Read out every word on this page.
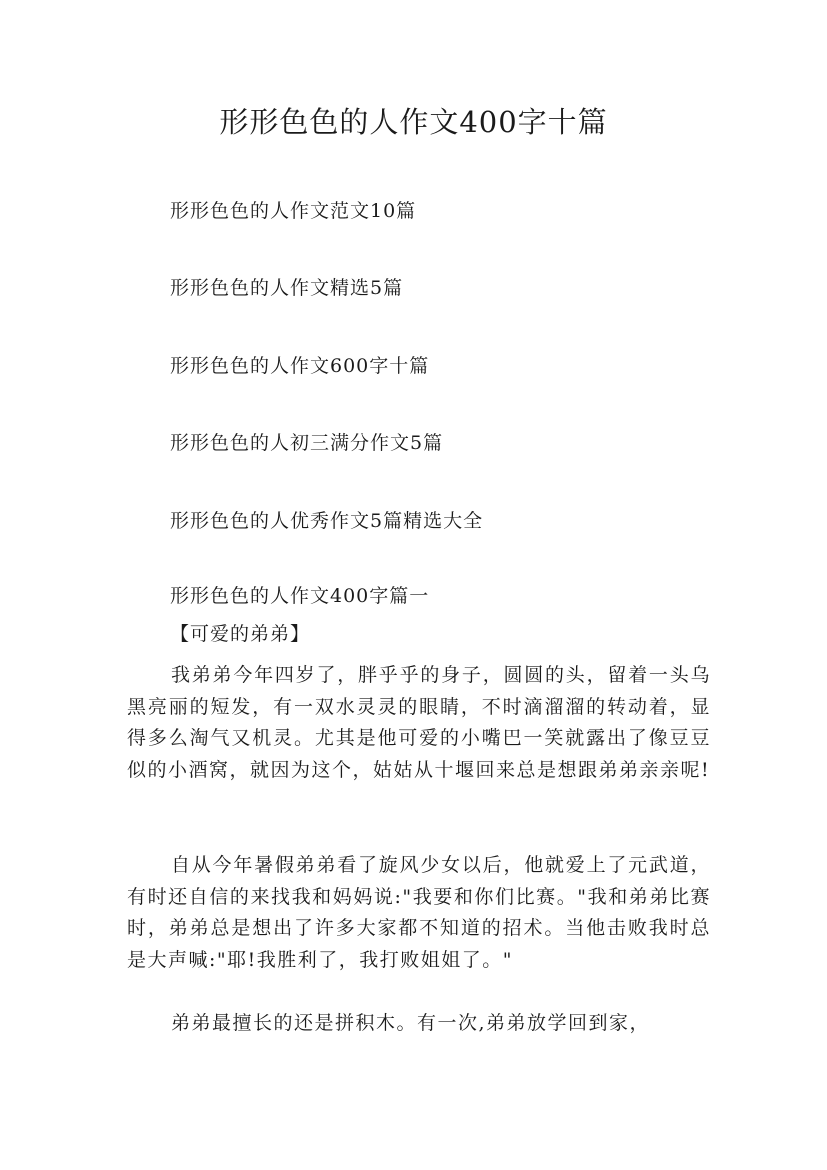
形形色色的人作文400字十篇
形形色色的人作文范文10篇
形形色色的人作文精选5篇
形形色色的人作文600字十篇
形形色色的人初三满分作文5篇
形形色色的人优秀作文5篇精选大全
形形色色的人作文400字篇一
【可爱的弟弟】

我弟弟今年四岁了，胖乎乎的身子，圆圆的头，留着一头乌黑亮丽的短发，有一双水灵灵的眼睛，不时滴溜溜的转动着，显得多么淘气又机灵。尤其是他可爱的小嘴巴一笑就露出了像豆豆似的小酒窝，就因为这个，姑姑从十堰回来总是想跟弟弟亲亲呢!

自从今年暑假弟弟看了旋风少女以后，他就爱上了元武道，有时还自信的来找我和妈妈说:"我要和你们比赛。"我和弟弟比赛时，弟弟总是想出了许多大家都不知道的招术。当他击败我时总是大声喊:"耶!我胜利了，我打败姐姐了。"

弟弟最擅长的还是拼积木。有一次,弟弟放学回到家，
